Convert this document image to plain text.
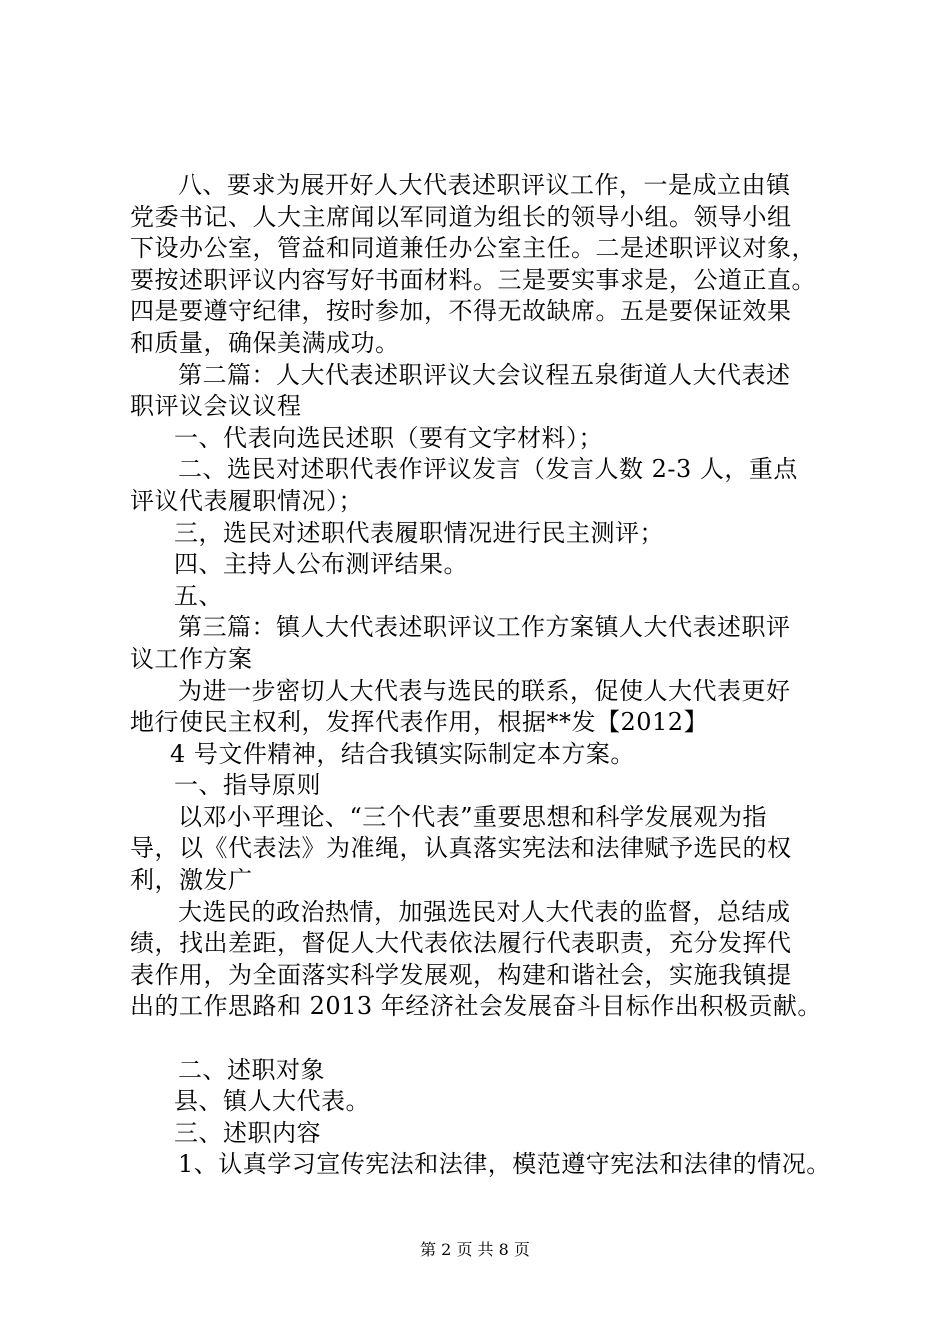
八、要求为展开好人大代表述职评议工作，一是成立由镇
党委书记、人大主席闻以军同道为组长的领导小组。领导小组
下设办公室，管益和同道兼任办公室主任。二是述职评议对象，
要按述职评议内容写好书面材料。三是要实事求是，公道正直。
四是要遵守纪律，按时参加，不得无故缺席。五是要保证效果
和质量，确保美满成功。
第二篇：人大代表述职评议大会议程五泉街道人大代表述
职评议会议议程
一、代表向选民述职（要有文字材料）；
二、选民对述职代表作评议发言（发言人数 2-3 人，重点
评议代表履职情况）；
三，选民对述职代表履职情况进行民主测评；
四、主持人公布测评结果。
五、
第三篇：镇人大代表述职评议工作方案镇人大代表述职评
议工作方案
为进一步密切人大代表与选民的联系，促使人大代表更好
地行使民主权利，发挥代表作用，根据**发【2012】
4 号文件精神，结合我镇实际制定本方案。
一、指导原则
以邓小平理论、“三个代表”重要思想和科学发展观为指
导，以《代表法》为准绳，认真落实宪法和法律赋予选民的权
利，激发广
大选民的政治热情，加强选民对人大代表的监督，总结成
绩，找出差距，督促人大代表依法履行代表职责，充分发挥代
表作用，为全面落实科学发展观，构建和谐社会，实施我镇提
出的工作思路和 2013 年经济社会发展奋斗目标作出积极贡献。
二、述职对象
县、镇人大代表。
三、述职内容
1、认真学习宣传宪法和法律，模范遵守宪法和法律的情况。
第 2 页 共 8 页
